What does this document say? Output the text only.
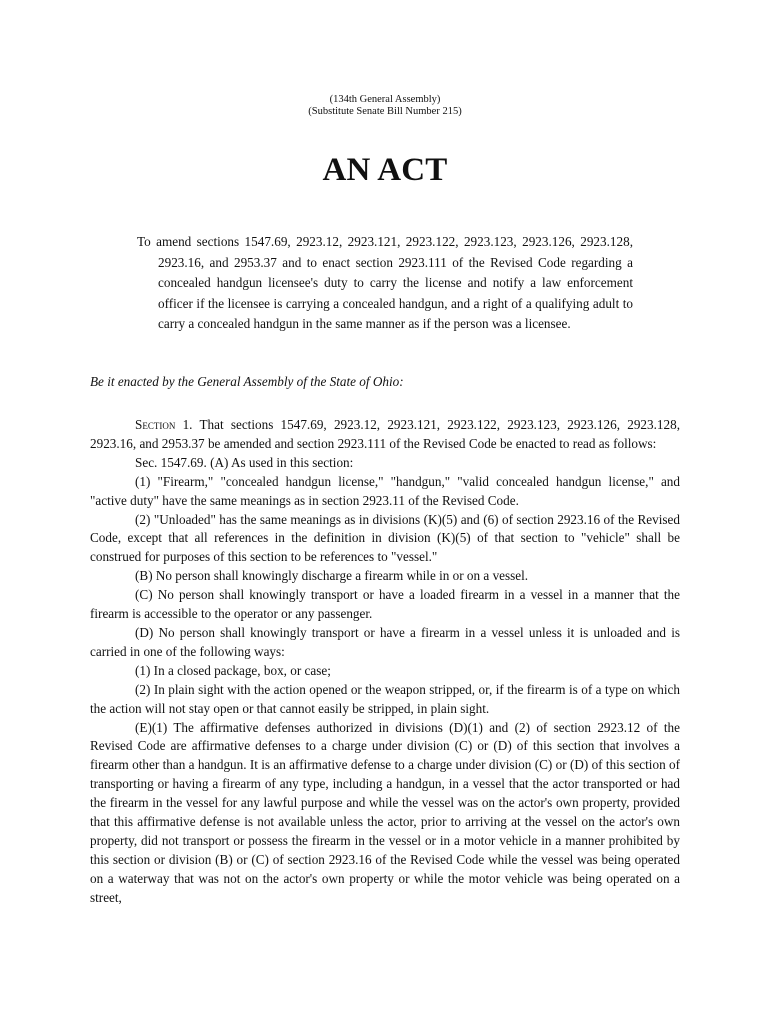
(134th General Assembly)

(Substitute Senate Bill Number 215)

AN ACT

To amend sections 1547.69, 2923.12, 2923.121, 2923.122, 2923.123, 2923.126, 2923.128, 2923.16, and 2953.37 and to enact section 2923.111 of the Revised Code regarding a concealed handgun licensee's duty to carry the license and notify a law enforcement officer if the licensee is carrying a concealed handgun, and a right of a qualifying adult to carry a concealed handgun in the same manner as if the person was a licensee.

Be it enacted by the General Assembly of the State of Ohio:

Section 1. That sections 1547.69, 2923.12, 2923.121, 2923.122, 2923.123, 2923.126, 2923.128, 2923.16, and 2953.37 be amended and section 2923.111 of the Revised Code be enacted to read as follows:

Sec. 1547.69. (A) As used in this section:

(1) "Firearm," "concealed handgun license," "handgun," "valid concealed handgun license," and "active duty" have the same meanings as in section 2923.11 of the Revised Code.

(2) "Unloaded" has the same meanings as in divisions (K)(5) and (6) of section 2923.16 of the Revised Code, except that all references in the definition in division (K)(5) of that section to "vehicle" shall be construed for purposes of this section to be references to "vessel."

(B) No person shall knowingly discharge a firearm while in or on a vessel.

(C) No person shall knowingly transport or have a loaded firearm in a vessel in a manner that the firearm is accessible to the operator or any passenger.

(D) No person shall knowingly transport or have a firearm in a vessel unless it is unloaded and is carried in one of the following ways:

(1) In a closed package, box, or case;

(2) In plain sight with the action opened or the weapon stripped, or, if the firearm is of a type on which the action will not stay open or that cannot easily be stripped, in plain sight.

(E)(1) The affirmative defenses authorized in divisions (D)(1) and (2) of section 2923.12 of the Revised Code are affirmative defenses to a charge under division (C) or (D) of this section that involves a firearm other than a handgun. It is an affirmative defense to a charge under division (C) or (D) of this section of transporting or having a firearm of any type, including a handgun, in a vessel that the actor transported or had the firearm in the vessel for any lawful purpose and while the vessel was on the actor's own property, provided that this affirmative defense is not available unless the actor, prior to arriving at the vessel on the actor's own property, did not transport or possess the firearm in the vessel or in a motor vehicle in a manner prohibited by this section or division (B) or (C) of section 2923.16 of the Revised Code while the vessel was being operated on a waterway that was not on the actor's own property or while the motor vehicle was being operated on a street,
